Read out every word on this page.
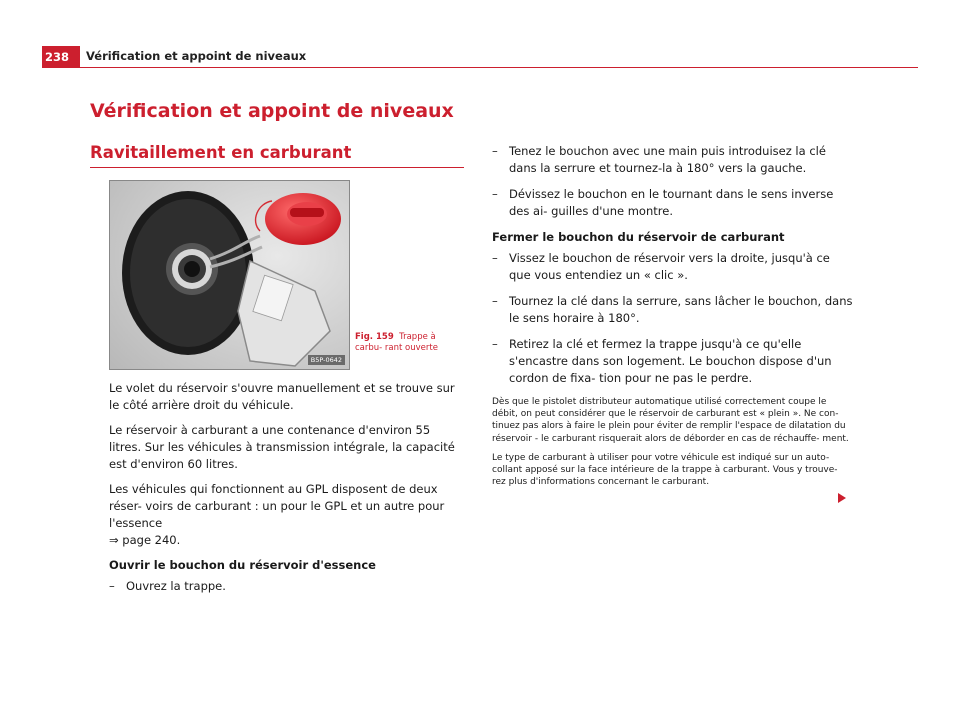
238	Vérification et appoint de niveaux
Vérification et appoint de niveaux
Ravitaillement en carburant
B5P-0642
Fig. 159 Trappe à carbu- rant ouverte

Le volet du réservoir s'ouvre manuellement et se trouve sur le côté arrière droit du véhicule.

Le réservoir à carburant a une contenance d'environ 55 litres. Sur les véhicules à transmission intégrale, la capacité est d'environ 60 litres.

Les véhicules qui fonctionnent au GPL disposent de deux réser- voirs de carburant : un pour le GPL et un autre pour l'essence
⇒ page 240.

Ouvrir le bouchon du réservoir d'essence
– Ouvrez la trappe.
– Tenez le bouchon avec une main puis introduisez la clé dans la serrure et tournez-la à 180° vers la gauche.
– Dévissez le bouchon en le tournant dans le sens inverse des ai- guilles d'une montre.
Fermer le bouchon du réservoir de carburant
– Vissez le bouchon de réservoir vers la droite, jusqu'à ce que vous entendiez un « clic ».
– Tournez la clé dans la serrure, sans lâcher le bouchon, dans le sens horaire à 180°.
– Retirez la clé et fermez la trappe jusqu'à ce qu'elle s'encastre dans son logement. Le bouchon dispose d'un cordon de fixa- tion pour ne pas le perdre.

Dès que le pistolet distributeur automatique utilisé correctement coupe le débit, on peut considérer que le réservoir de carburant est « plein ». Ne con- tinuez pas alors à faire le plein pour éviter de remplir l'espace de dilatation du réservoir - le carburant risquerait alors de déborder en cas de réchauffe- ment.

Le type de carburant à utiliser pour votre véhicule est indiqué sur un auto- collant apposé sur la face intérieure de la trappe à carburant. Vous y trouve- rez plus d'informations concernant le carburant.
